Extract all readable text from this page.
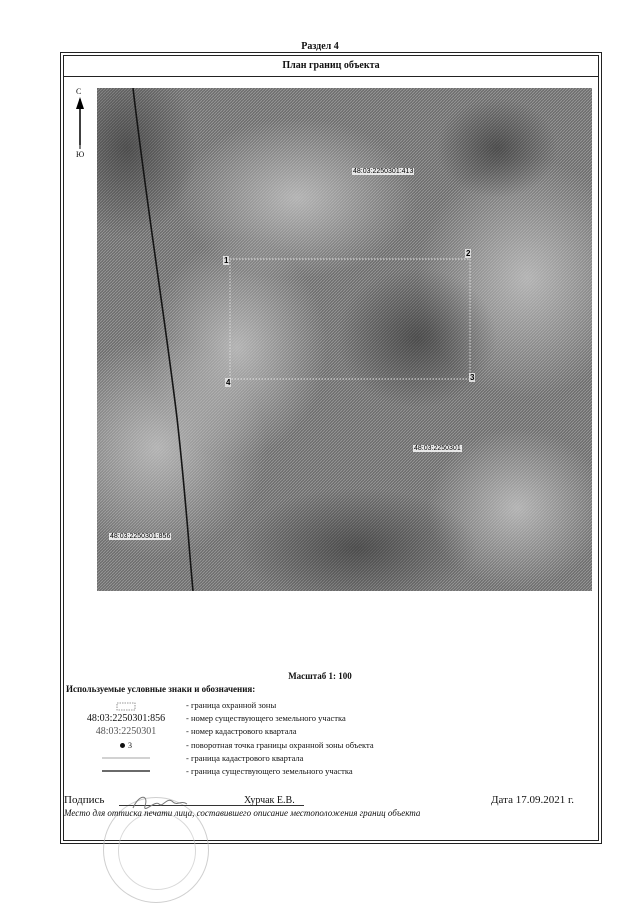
Раздел 4
План границ объекта
С
Ю
48:03:2250301:413
48:03:2250301
48:03:2250301:856
1
2
3
4
Масштаб 1: 100
Используемые условные знаки и обозначения:
- граница охранной зоны
48:03:2250301:856	- номер существующего земельного участка
48:03:2250301	- номер кадастрового квартала
3	- поворотная точка границы охранной зоны объекта
- граница кадастрового квартала
- граница существующего земельного участка
Подпись	Хурчак Е.В.	Дата 17.09.2021 г.
Место для оттиска печати лица, составившего описание местоположения границ объекта
